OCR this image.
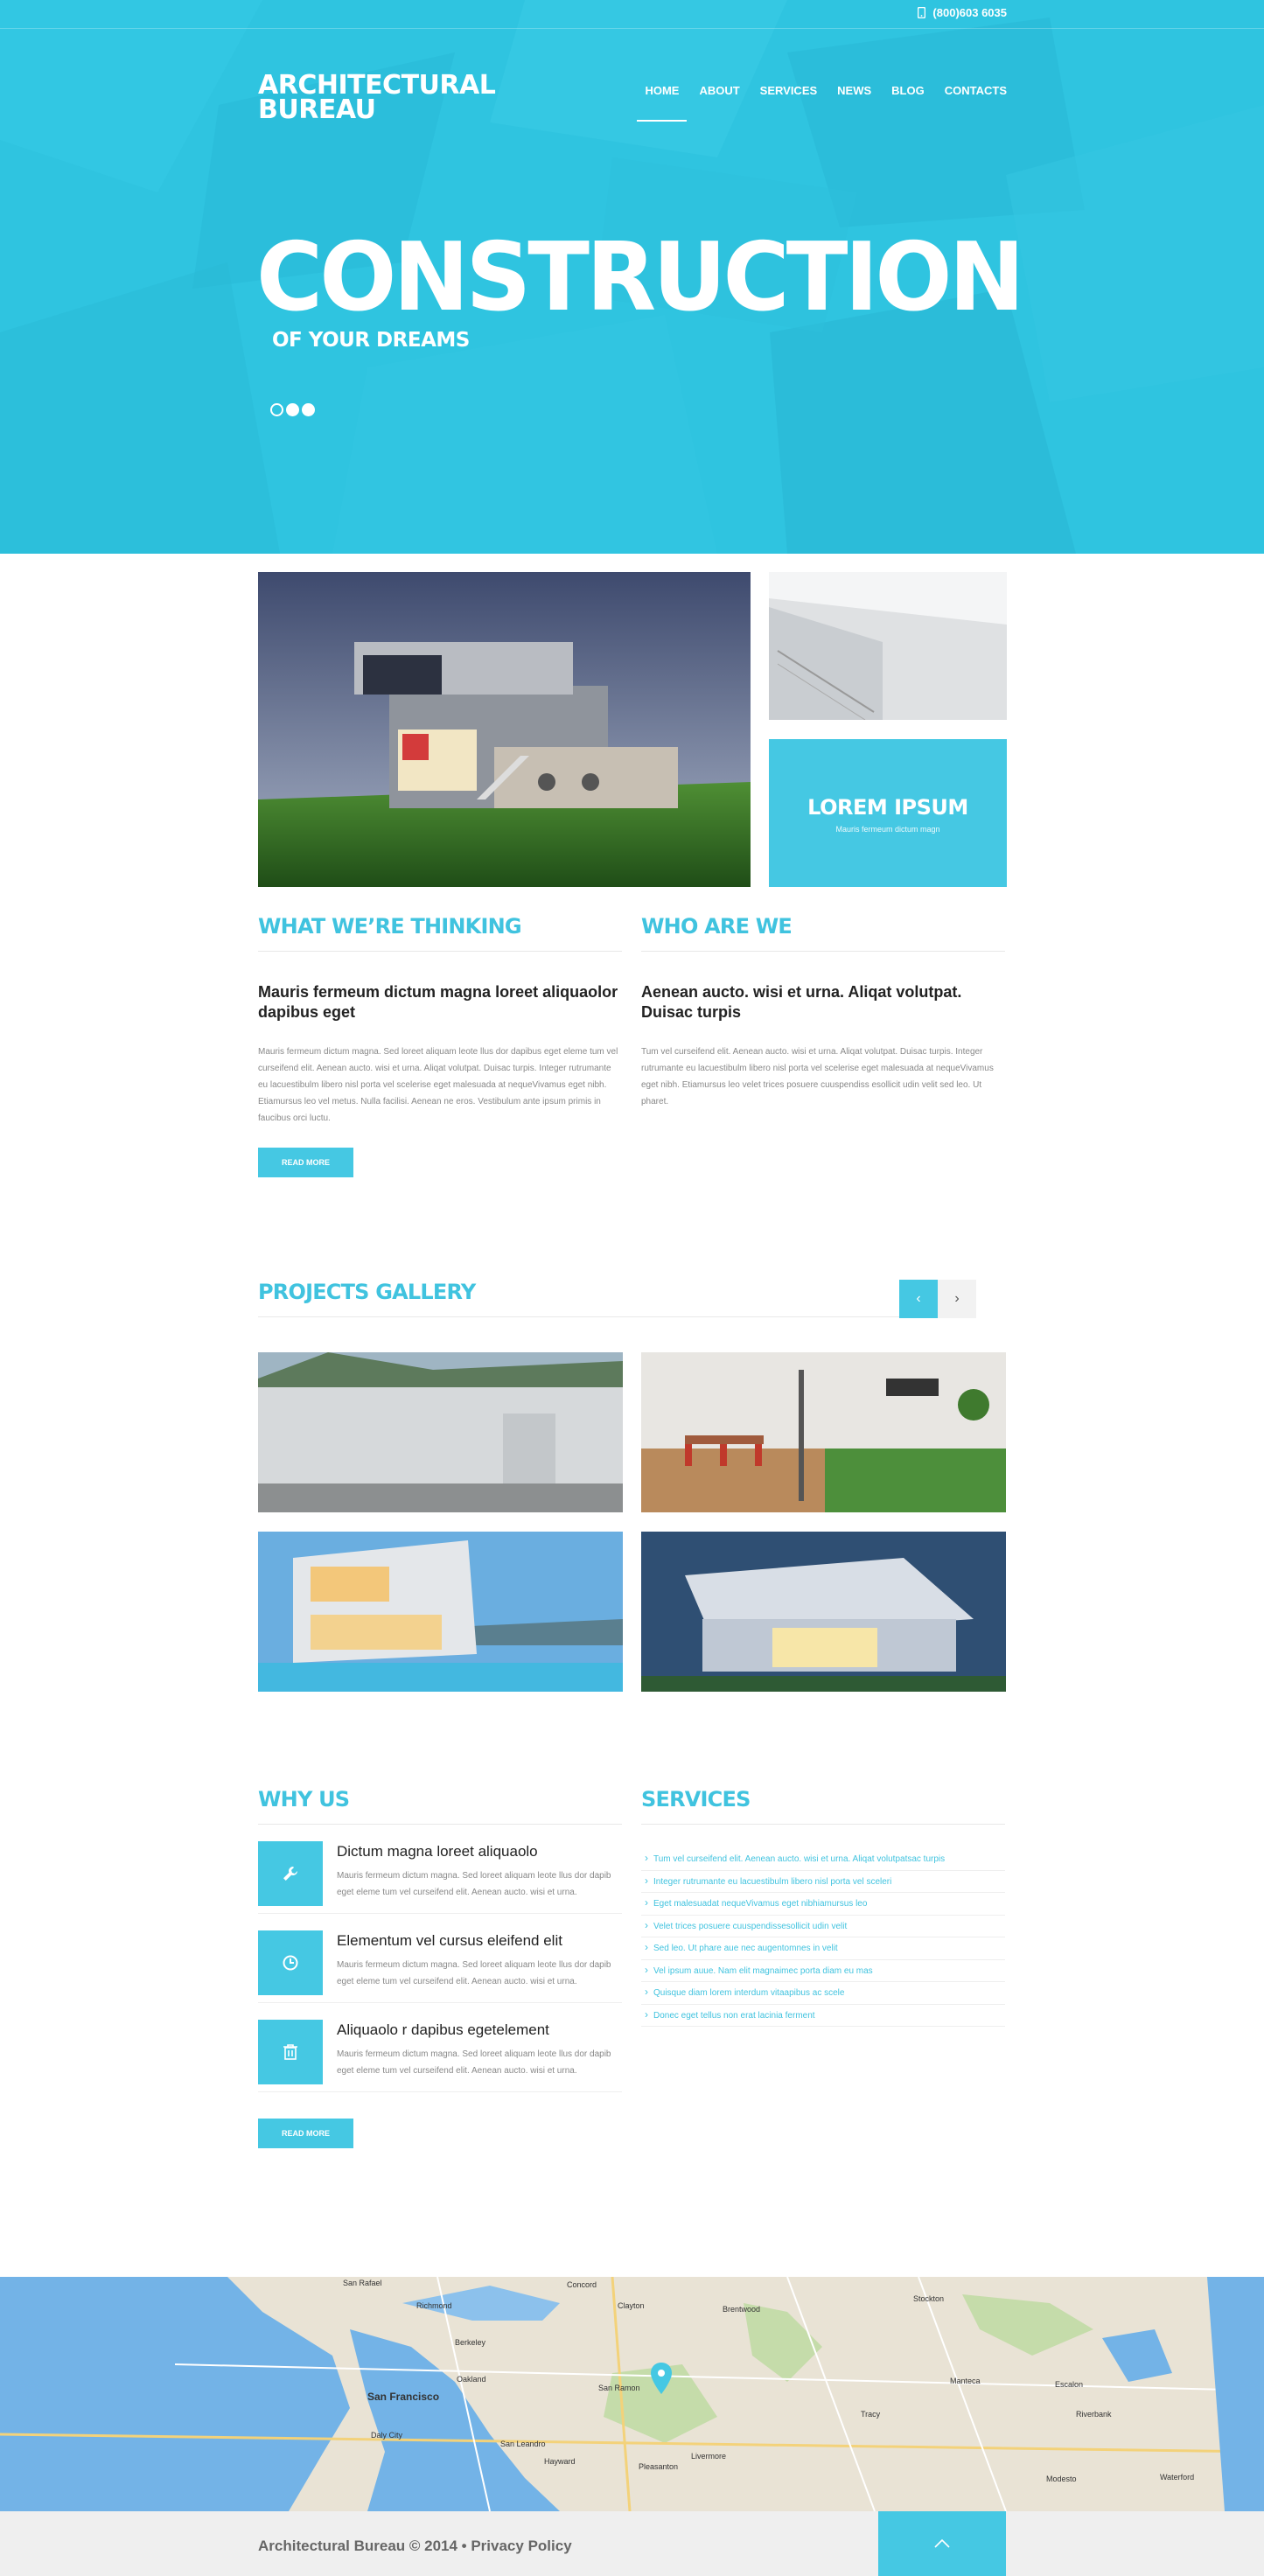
(800)603 6035
ARCHITECTURAL
BUREAU
HOME ABOUT SERVICES NEWS BLOG CONTACTS
CONSTRUCTION
OF YOUR DREAMS
LOREM IPSUM

Mauris fermeum dictum magn

WHAT WE’RE THINKING
Mauris fermeum dictum magna loreet aliquaolor dapibus eget

Mauris fermeum dictum magna. Sed loreet aliquam leote llus dor dapibus eget eleme tum vel curseifend elit. Aenean aucto. wisi et urna. Aliqat volutpat. Duisac turpis. Integer rutrumante eu lacuestibulm libero nisl porta vel scelerise eget malesuada at nequeVivamus eget nibh. Etiamursus leo vel metus. Nulla facilisi. Aenean ne eros. Vestibulum ante ipsum primis in faucibus orci luctu.

READ MORE
WHO ARE WE
Aenean aucto. wisi et urna. Aliqat volutpat. Duisac turpis

Tum vel curseifend elit. Aenean aucto. wisi et urna. Aliqat volutpat. Duisac turpis. Integer rutrumante eu lacuestibulm libero nisl porta vel scelerise eget malesuada at nequeVivamus eget nibh. Etiamursus leo velet trices posuere cuuspendiss esollicit udin velit sed leo. Ut pharet.

PROJECTS GALLERY	‹ ›
WHY US
Dictum magna loreet aliquaolo

Mauris fermeum dictum magna. Sed loreet aliquam leote llus dor dapib eget eleme tum vel curseifend elit. Aenean aucto. wisi et urna.

Elementum vel cursus eleifend elit

Mauris fermeum dictum magna. Sed loreet aliquam leote llus dor dapib eget eleme tum vel curseifend elit. Aenean aucto. wisi et urna.

Aliquaolo r dapibus egetelement

Mauris fermeum dictum magna. Sed loreet aliquam leote llus dor dapib eget eleme tum vel curseifend elit. Aenean aucto. wisi et urna.

READ MORE
SERVICES
› Tum vel curseifend elit. Aenean aucto. wisi et urna. Aliqat volutpatsac turpis
› Integer rutrumante eu lacuestibulm libero nisl porta vel sceleri
› Eget malesuadat nequeVivamus eget nibhiamursus leo
› Velet trices posuere cuuspendissesollicit udin velit
› Sed leo. Ut phare aue nec augentomnes in velit
› Vel ipsum auue. Nam elit magnaimec porta diam eu mas
› Quisque diam lorem interdum vitaapibus ac scele
› Donec eget tellus non erat lacinia ferment
San Rafael	Concord
Richmond	Clayton	Brentwood
Stockton
Berkeley
Oakland
San Francisco
San Ramon
Manteca	Escalon
Riverbank
Tracy
Daly City
Hayward
San Leandro
Pleasanton
Livermore
Modesto	Waterford
Architectural Bureau © 2014 • Privacy Policy
